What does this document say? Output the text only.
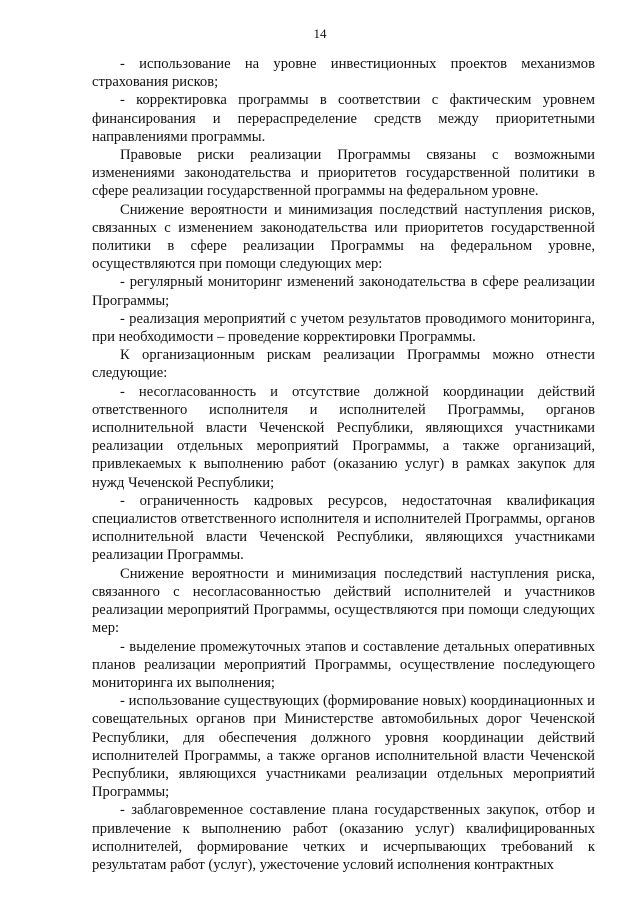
14

- использование на уровне инвестиционных проектов механизмов страхования рисков;

- корректировка программы в соответствии с фактическим уровнем финансирования и перераспределение средств между приоритетными направлениями программы.

Правовые риски реализации Программы связаны с возможными изменениями законодательства и приоритетов государственной политики в сфере реализации государственной программы на федеральном уровне.

Снижение вероятности и минимизация последствий наступления рисков, связанных с изменением законодательства или приоритетов государственной политики в сфере реализации Программы на федеральном уровне, осуществляются при помощи следующих мер:

- регулярный мониторинг изменений законодательства в сфере реализации Программы;

- реализация мероприятий с учетом результатов проводимого мониторинга, при необходимости – проведение корректировки Программы.

К организационным рискам реализации Программы можно отнести следующие:

- несогласованность и отсутствие должной координации действий ответственного исполнителя и исполнителей Программы, органов исполнительной власти Чеченской Республики, являющихся участниками реализации отдельных мероприятий Программы, а также организаций, привлекаемых к выполнению работ (оказанию услуг) в рамках закупок для нужд Чеченской Республики;

- ограниченность кадровых ресурсов, недостаточная квалификация специалистов ответственного исполнителя и исполнителей Программы, органов исполнительной власти Чеченской Республики, являющихся участниками реализации Программы.

Снижение вероятности и минимизация последствий наступления риска, связанного с несогласованностью действий исполнителей и участников реализации мероприятий Программы, осуществляются при помощи следующих мер:

- выделение промежуточных этапов и составление детальных оперативных планов реализации мероприятий Программы, осуществление последующего мониторинга их выполнения;

- использование существующих (формирование новых) координационных и совещательных органов при Министерстве автомобильных дорог Чеченской Республики, для обеспечения должного уровня координации действий исполнителей Программы, а также органов исполнительной власти Чеченской Республики, являющихся участниками реализации отдельных мероприятий Программы;

- заблаговременное составление плана государственных закупок, отбор и привлечение к выполнению работ (оказанию услуг) квалифицированных исполнителей, формирование четких и исчерпывающих требований к результатам работ (услуг), ужесточение условий исполнения контрактных
